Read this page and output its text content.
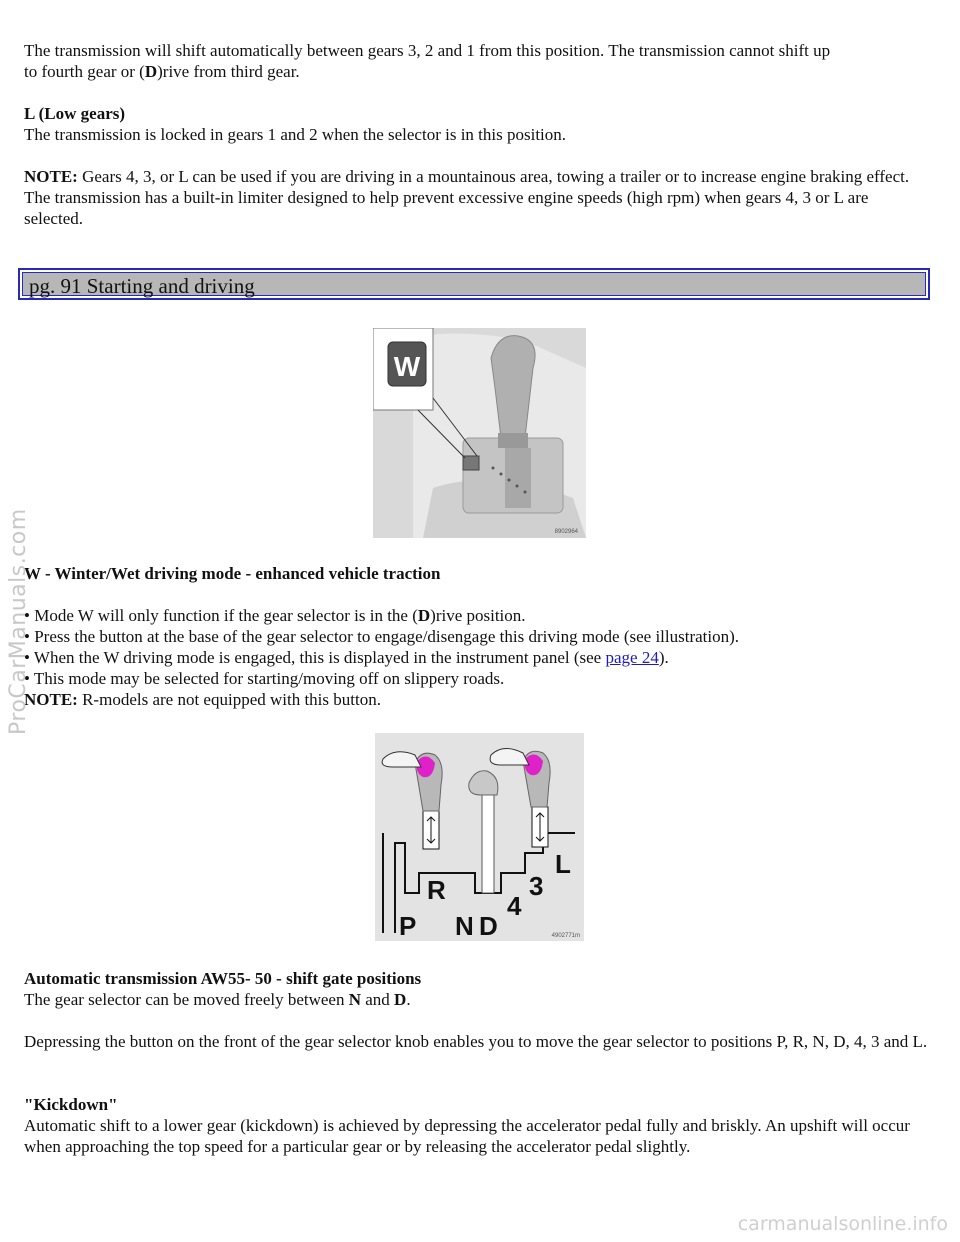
The transmission will shift automatically between gears 3, 2 and 1 from this position. The transmission cannot shift up
to fourth gear or (D)rive from third gear.

L (Low gears)
The transmission is locked in gears 1 and 2 when the selector is in this position.

NOTE: Gears 4, 3, or L can be used if you are driving in a mountainous area, towing a trailer or to increase engine braking effect.
The transmission has a built-in limiter designed to help prevent excessive engine speeds (high rpm) when gears 4, 3 or L are selected.

pg. 91 Starting and driving
W
8902964

W - Winter/Wet driving mode - enhanced vehicle traction

• Mode W will only function if the gear selector is in the (D)rive position.
• Press the button at the base of the gear selector to engage/disengage this driving mode (see illustration).
• When the W driving mode is engaged, this is displayed in the instrument panel (see page 24).
• This mode may be selected for starting/moving off on slippery roads.
NOTE: R-models are not equipped with this button.
P
R
N D
4
3
L
4902771m

Automatic transmission AW55- 50 - shift gate positions
The gear selector can be moved freely between N and D.

Depressing the button on the front of the gear selector knob enables you to move the gear selector to positions P, R, N, D, 4, 3 and L.

"Kickdown"
Automatic shift to a lower gear (kickdown) is achieved by depressing the accelerator pedal fully and briskly. An upshift will occur when approaching the top speed for a particular gear or by releasing the accelerator pedal slightly.

ProCarManuals.com
carmanualsonline.info
